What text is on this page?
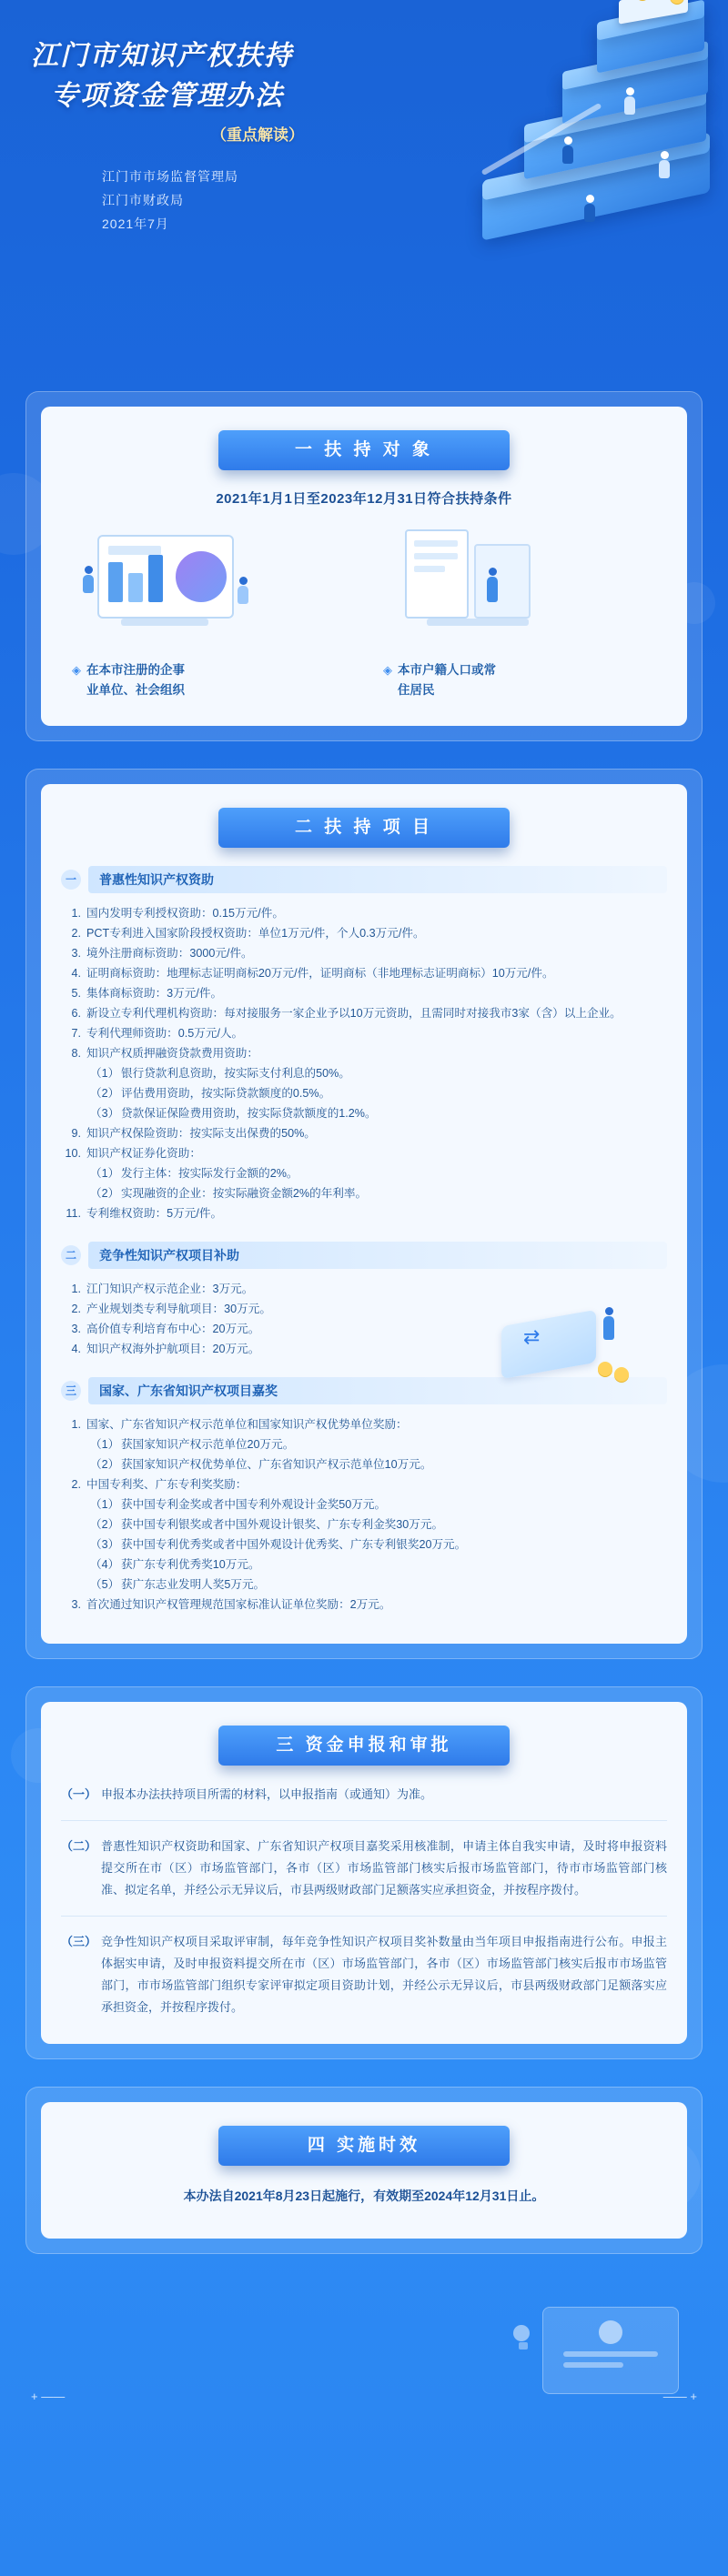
江门市知识产权扶持
专项资金管理办法
（重点解读）
江门市市场监督管理局
江门市财政局
2021年7月
一 扶 持 对 象
2021年1月1日至2023年12月31日符合扶持条件
◈ 在本市注册的企事
业单位、社会组织
◈ 本市户籍人口或常
住居民
二 扶 持 项 目
一	普惠性知识产权资助
1. 国内发明专利授权资助：0.15万元/件。
2. PCT专利进入国家阶段授权资助：单位1万元/件，个人0.3万元/件。
3. 境外注册商标资助：3000元/件。
4. 证明商标资助：地理标志证明商标20万元/件，证明商标（非地理标志证明商标）10万元/件。
5. 集体商标资助：3万元/件。
6. 新设立专利代理机构资助：每对接服务一家企业予以10万元资助，且需同时对接我市3家（含）以上企业。
7. 专利代理师资助：0.5万元/人。
8. 知识产权质押融资贷款费用资助：
（1） 银行贷款利息资助，按实际支付利息的50%。
（2） 评估费用资助，按实际贷款额度的0.5%。
（3） 贷款保证保险费用资助，按实际贷款额度的1.2%。
9. 知识产权保险资助：按实际支出保费的50%。
10. 知识产权证券化资助：
（1） 发行主体：按实际发行金额的2%。
（2） 实现融资的企业：按实际融资金额2%的年利率。
11. 专利维权资助：5万元/件。
二	竞争性知识产权项目补助
⇄
1. 江门知识产权示范企业：3万元。
2. 产业规划类专利导航项目：30万元。
3. 高价值专利培育布中心：20万元。
4. 知识产权海外护航项目：20万元。
三	国家、广东省知识产权项目嘉奖
1. 国家、广东省知识产权示范单位和国家知识产权优势单位奖励：
（1） 获国家知识产权示范单位20万元。
（2） 获国家知识产权优势单位、广东省知识产权示范单位10万元。
2. 中国专利奖、广东专利奖奖励：
（1） 获中国专利金奖或者中国专利外观设计金奖50万元。
（2） 获中国专利银奖或者中国外观设计银奖、广东专利金奖30万元。
（3） 获中国专利优秀奖或者中国外观设计优秀奖、广东专利银奖20万元。
（4） 获广东专利优秀奖10万元。
（5） 获广东志业发明人奖5万元。
3. 首次通过知识产权管理规范国家标准认证单位奖励：2万元。
三 资金申报和审批
（一） 申报本办法扶持项目所需的材料，以申报指南（或通知）为准。
（二） 普惠性知识产权资助和国家、广东省知识产权项目嘉奖采用核准制，申请主体自我实申请，及时将申报资料提交所在市（区）市场监管部门，各市（区）市场监管部门核实后报市场监管部门，待市市场监管部门核准、拟定名单，并经公示无异议后，市县两级财政部门足额落实应承担资金，并按程序拨付。
（三） 竞争性知识产权项目采取评审制，每年竞争性知识产权项目奖补数量由当年项目申报指南进行公布。申报主体据实申请，及时申报资料提交所在市（区）市场监管部门，各市（区）市场监管部门核实后报市市场监管部门，市市场监管部门组织专家评审拟定项目资助计划，并经公示无异议后，市县两级财政部门足额落实应承担资金，并按程序拨付。
四 实施时效
本办法自2021年8月23日起施行，有效期至2024年12月31日止。
+ ——	—— +
